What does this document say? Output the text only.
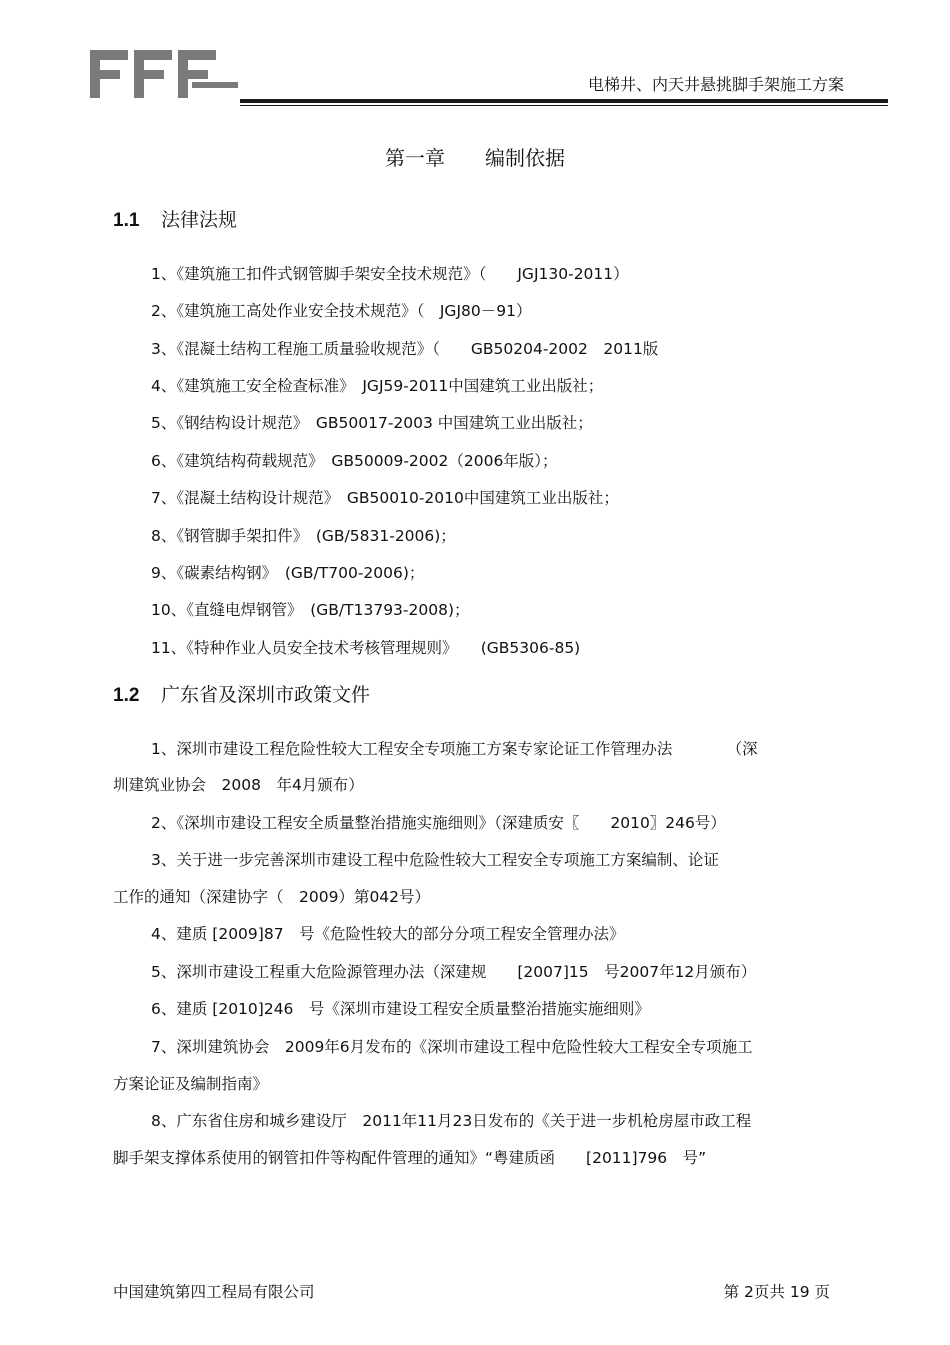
电梯井、内天井悬挑脚手架施工方案
第一章　　编制依据
1.1 法律法规
1、《建筑施工扣件式钢管脚手架安全技术规范》（　　JGJ130-2011）
2、《建筑施工高处作业安全技术规范》（　JGJ80－91）
3、《混凝土结构工程施工质量验收规范》（　　GB50204-2002　2011版
4、《建筑施工安全检查标准》　JGJ59-2011中国建筑工业出版社；
5、《钢结构设计规范》　GB50017-2003 中国建筑工业出版社；
6、《建筑结构荷载规范》　GB50009-2002（2006年版）；
7、《混凝土结构设计规范》　GB50010-2010中国建筑工业出版社；
8、《钢管脚手架扣件》　(GB/5831-2006)；
9、《碳素结构钢》　(GB/T700-2006)；
10、《直缝电焊钢管》　(GB/T13793-2008)；
11、《特种作业人员安全技术考核管理规则》　　(GB5306-85)
1.2 广东省及深圳市政策文件
1、深圳市建设工程危险性较大工程安全专项施工方案专家论证工作管理办法　　　　（深
圳建筑业协会　2008　年4月颁布）
2、《深圳市建设工程安全质量整治措施实施细则》（深建质安〖　　2010〗246号）
3、关于进一步完善深圳市建设工程中危险性较大工程安全专项施工方案编制、论证
工作的通知（深建协字（　2009）第042号）
4、建质 [2009]87　号《危险性较大的部分分项工程安全管理办法》
5、深圳市建设工程重大危险源管理办法（深建规　　[2007]15　号2007年12月颁布）
6、建质 [2010]246　号《深圳市建设工程安全质量整治措施实施细则》
7、深圳建筑协会　2009年6月发布的《深圳市建设工程中危险性较大工程安全专项施工
方案论证及编制指南》
8、广东省住房和城乡建设厅　2011年11月23日发布的《关于进一步机枪房屋市政工程
脚手架支撑体系使用的钢管扣件等构配件管理的通知》“粤建质函　　[2011]796　号”
中国建筑第四工程局有限公司	第 2页共 19 页
